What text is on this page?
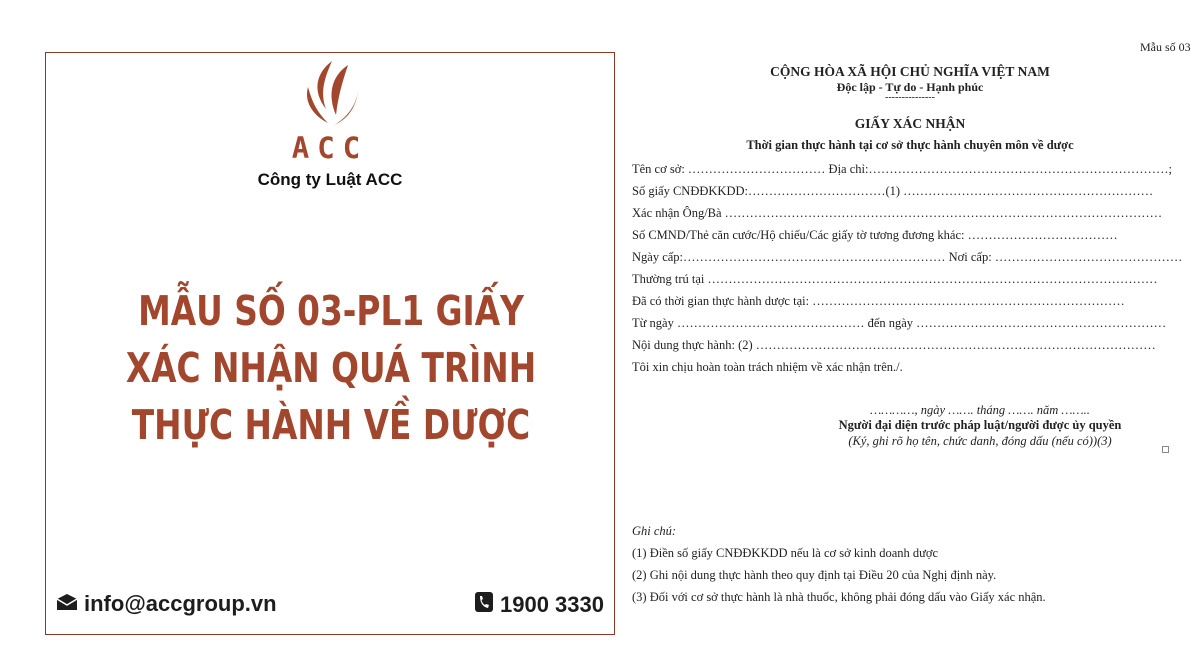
ACC
Công ty Luật ACC
MẪU SỐ 03-PL1 GIẤY
XÁC NHẬN QUÁ TRÌNH
THỰC HÀNH VỀ DƯỢC
info@accgroup.vn	1900 3330
Mẫu số 03
CỘNG HÒA XÃ HỘI CHỦ NGHĨA VIỆT NAM
Độc lập - Tự do - Hạnh phúc
---------------
GIẤY XÁC NHẬN
Thời gian thực hành tại cơ sở thực hành chuyên môn về dược
Tên cơ sở: …………………………… Địa chỉ:………………………………………………………………;
Số giấy CNĐĐKKDD:……………………………(1) ……………………………………………………
Xác nhận Ông/Bà ……………………………………………………………………………………………
Số CMND/Thẻ căn cước/Hộ chiếu/Các giấy tờ tương đương khác: ………………………………
Ngày cấp:……………………………………………………… Nơi cấp: ………………………………………
Thường trú tại ………………………………………………………………………………………………
Đã có thời gian thực hành dược tại: …………………………………………………………………
Từ ngày ……………………………………… đến ngày ……………………………………………………
Nội dung thực hành: (2) ……………………………………………………………………………………
Tôi xin chịu hoàn toàn trách nhiệm về xác nhận trên./.
…………, ngày ……. tháng ……. năm ……..
Người đại diện trước pháp luật/người được ủy quyền
(Ký, ghi rõ họ tên, chức danh, đóng dấu (nếu có))(3)
Ghi chú:
(1) Điền số giấy CNĐĐKKDD nếu là cơ sở kinh doanh dược
(2) Ghi nội dung thực hành theo quy định tại Điều 20 của Nghị định này.
(3) Đối với cơ sở thực hành là nhà thuốc, không phải đóng dấu vào Giấy xác nhận.
